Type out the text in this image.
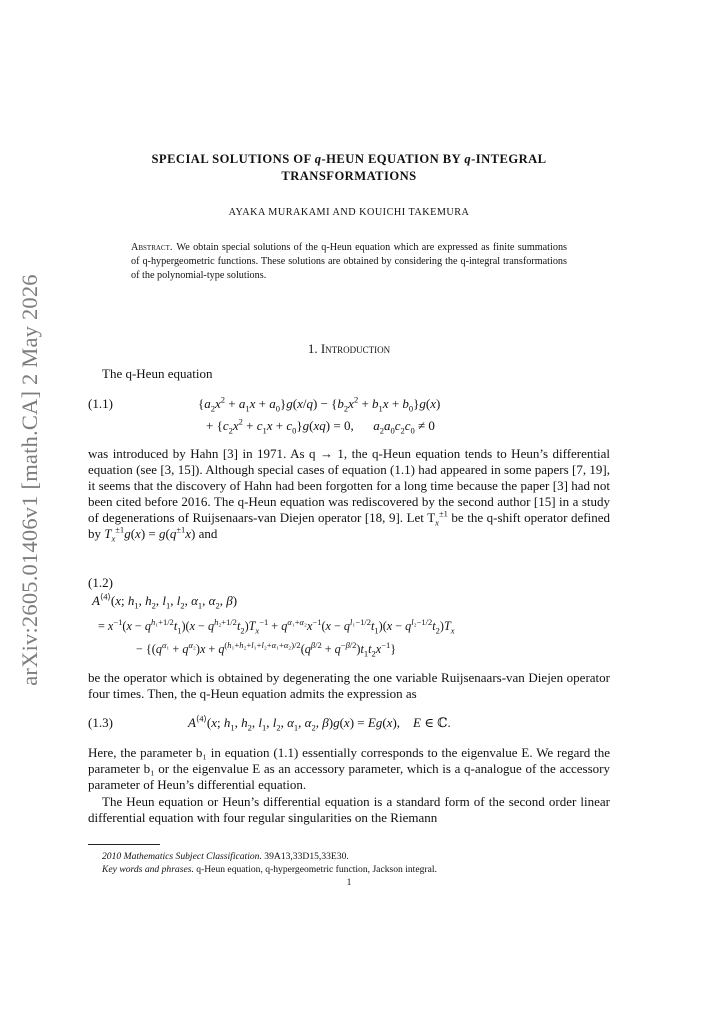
arXiv:2605.01406v1 [math.CA] 2 May 2026
SPECIAL SOLUTIONS OF q-HEUN EQUATION BY q-INTEGRAL
TRANSFORMATIONS
AYAKA MURAKAMI AND KOUICHI TAKEMURA
Abstract. We obtain special solutions of the q-Heun equation which are expressed as finite summations of q-hypergeometric functions. These solutions are obtained by considering the q-integral transformations of the polynomial-type solutions.
1. Introduction
The q-Heun equation
(1.1)	$\{a_2x^2 + a_1x + a_0\}g(x/q) - \{b_2x^2 + b_1x + b_0\}g(x)$
+ $\{c_2x^2 + c_1x + c_0\}g(xq) = 0$,      $a_2a_0c_2c_0 \ne 0$
was introduced by Hahn [3] in 1971. As q → 1, the q-Heun equation tends to Heun’s differential equation (see [3, 15]). Although special cases of equation (1.1) had appeared in some papers [7, 19], it seems that the discovery of Hahn had been forgotten for a long time because the paper [3] had not been cited before 2016. The q-Heun equation was rediscovered by the second author [15] in a study of degenerations of Ruijsenaars-van Diejen operator [18, 9]. Let $T_x^{\pm 1}$ be the q-shift operator defined by $T_x^{\pm 1}g(x) = g(q^{\pm 1}x)$ and
(1.2)
$A^{⟨4⟩}(x$; $h_1$, $h_2$, $l_1$, $l_2$, $\alpha_1$, $\alpha_2$, β)
= $x^{-1}(x - q^{h_1+1/2}t_1)(x - q^{h_2+1/2}t_2)T_x^{-1} + q^{\alpha_1+\alpha_2}x^{-1}(x - q^{l_1-1/2}t_1)(x - q^{l_2-1/2}t_2)T_x$
− $\{(q^{\alpha_1} + q^{\alpha_2})x + q^{(h_1+h_2+l_1+l_2+\alpha_1+\alpha_2)/2}(q^{\beta/2} + q^{-\beta/2})t_1t_2x^{-1}\}$
be the operator which is obtained by degenerating the one variable Ruijsenaars-van Diejen operator four times. Then, the q-Heun equation admits the expression as
(1.3)	$A^{⟨4⟩}(x$; $h_1$, $h_2$, $l_1$, $l_2$, $\alpha_1$, $\alpha_2$, β)g(x) = Eg(x),    E ∈ ℂ.
Here, the parameter b₁ in equation (1.1) essentially corresponds to the eigenvalue E. We regard the parameter b₁ or the eigenvalue E as an accessory parameter, which is a q-analogue of the accessory parameter of Heun’s differential equation.
The Heun equation or Heun’s differential equation is a standard form of the second order linear differential equation with four regular singularities on the Riemann
2010 Mathematics Subject Classification. 39A13,33D15,33E30.
Key words and phrases. q-Heun equation, q-hypergeometric function, Jackson integral.
1
